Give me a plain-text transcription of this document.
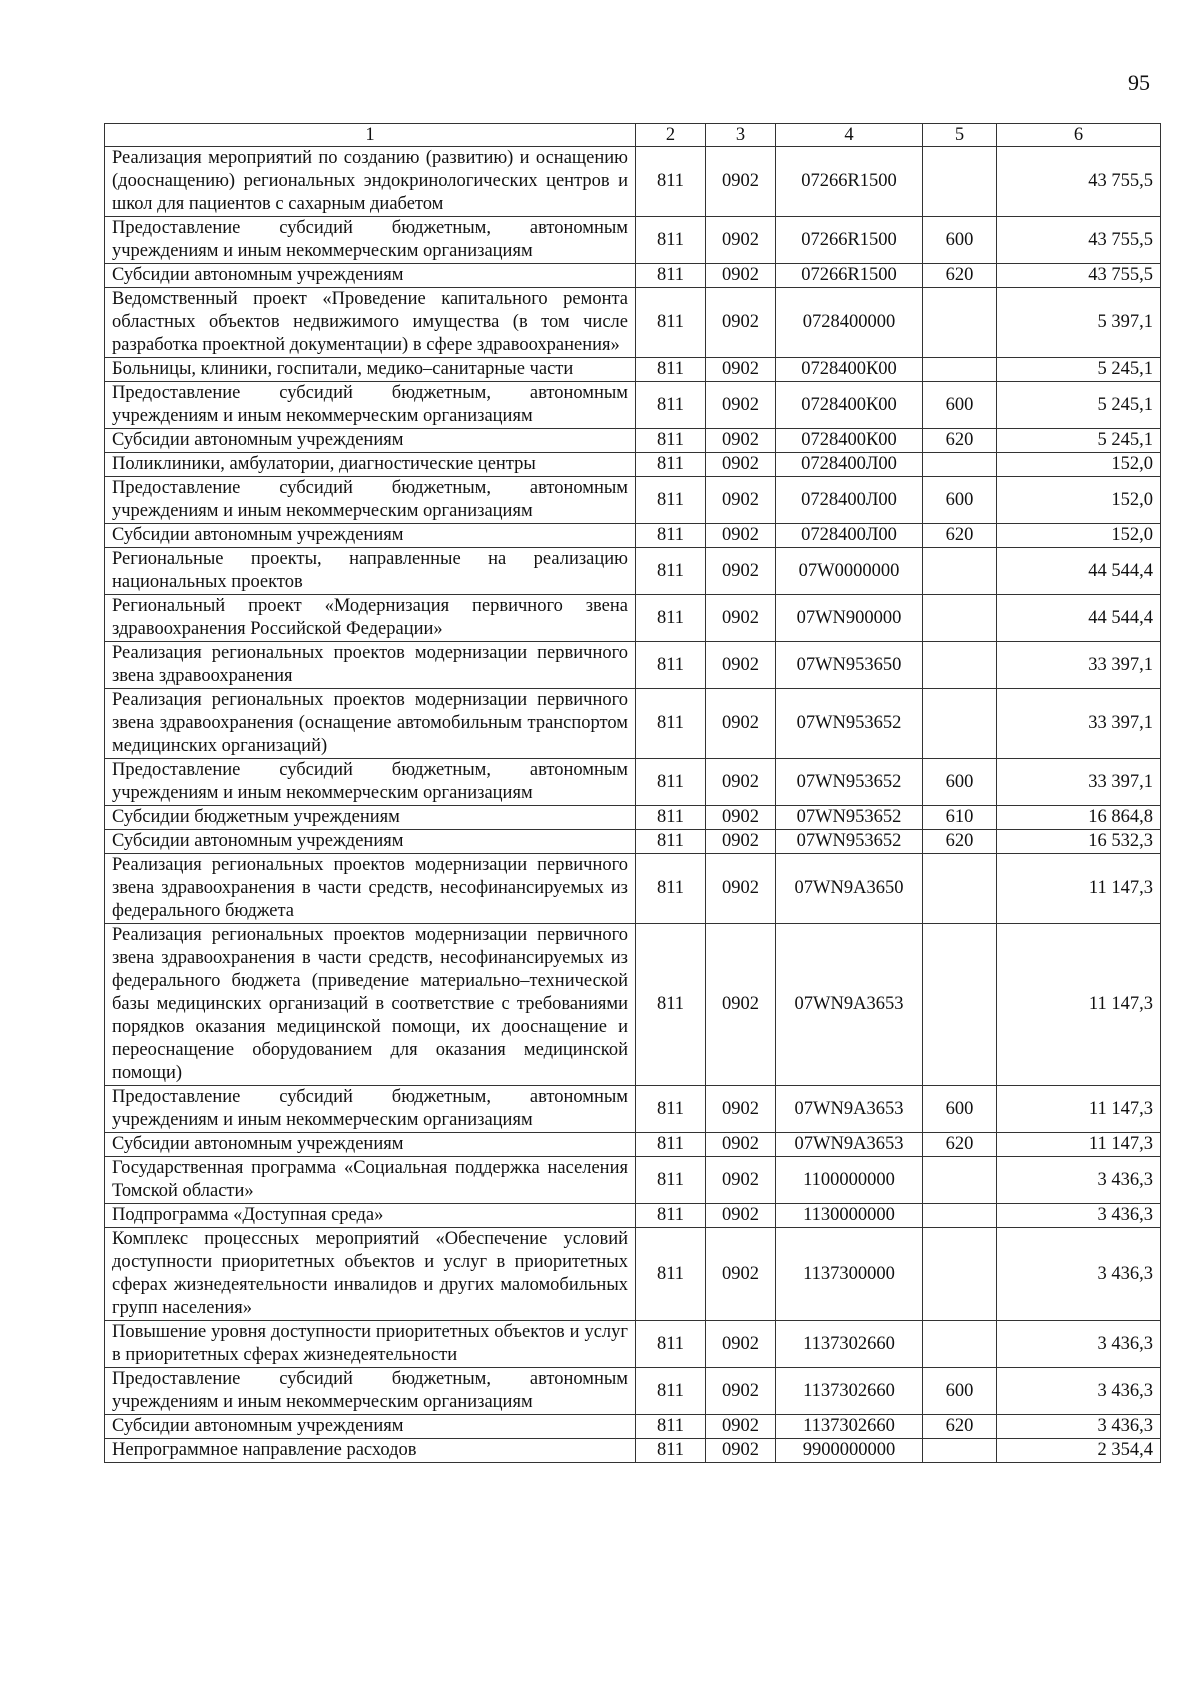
95
1	2	3	4	5	6
Реализация мероприятий по созданию (развитию) и оснащению (дооснащению) региональных эндокринологических центров и школ для пациентов с сахарным диабетом	811	0902	07266R1500		43 755,5
Предоставление субсидий бюджетным, автономным учреждениям и иным некоммерческим организациям	811	0902	07266R1500	600	43 755,5
Субсидии автономным учреждениям	811	0902	07266R1500	620	43 755,5
Ведомственный проект «Проведение капитального ремонта областных объектов недвижимого имущества (в том числе разработка проектной документации) в сфере здравоохранения»	811	0902	0728400000		5 397,1
Больницы, клиники, госпитали, медико–санитарные части	811	0902	0728400К00		5 245,1
Предоставление субсидий бюджетным, автономным учреждениям и иным некоммерческим организациям	811	0902	0728400К00	600	5 245,1
Субсидии автономным учреждениям	811	0902	0728400К00	620	5 245,1
Поликлиники, амбулатории, диагностические центры	811	0902	0728400Л00		152,0
Предоставление субсидий бюджетным, автономным учреждениям и иным некоммерческим организациям	811	0902	0728400Л00	600	152,0
Субсидии автономным учреждениям	811	0902	0728400Л00	620	152,0
Региональные проекты, направленные на реализацию национальных проектов	811	0902	07W0000000		44 544,4
Региональный проект «Модернизация первичного звена здравоохранения Российской Федерации»	811	0902	07WN900000		44 544,4
Реализация региональных проектов модернизации первичного звена здравоохранения	811	0902	07WN953650		33 397,1
Реализация региональных проектов модернизации первичного звена здравоохранения (оснащение автомобильным транспортом медицинских организаций)	811	0902	07WN953652		33 397,1
Предоставление субсидий бюджетным, автономным учреждениям и иным некоммерческим организациям	811	0902	07WN953652	600	33 397,1
Субсидии бюджетным учреждениям	811	0902	07WN953652	610	16 864,8
Субсидии автономным учреждениям	811	0902	07WN953652	620	16 532,3
Реализация региональных проектов модернизации первичного звена здравоохранения в части средств, несофинансируемых из федерального бюджета	811	0902	07WN9A3650		11 147,3
Реализация региональных проектов модернизации первичного звена здравоохранения в части средств, несофинансируемых из федерального бюджета (приведение материально–технической базы медицинских организаций в соответствие с требованиями порядков оказания медицинской помощи, их дооснащение и переоснащение оборудованием для оказания медицинской помощи)	811	0902	07WN9A3653		11 147,3
Предоставление субсидий бюджетным, автономным учреждениям и иным некоммерческим организациям	811	0902	07WN9A3653	600	11 147,3
Субсидии автономным учреждениям	811	0902	07WN9A3653	620	11 147,3
Государственная программа «Социальная поддержка населения Томской области»	811	0902	1100000000		3 436,3
Подпрограмма «Доступная среда»	811	0902	1130000000		3 436,3
Комплекс процессных мероприятий «Обеспечение условий доступности приоритетных объектов и услуг в приоритетных сферах жизнедеятельности инвалидов и других маломобильных групп населения»	811	0902	1137300000		3 436,3
Повышение уровня доступности приоритетных объектов и услуг в приоритетных сферах жизнедеятельности	811	0902	1137302660		3 436,3
Предоставление субсидий бюджетным, автономным учреждениям и иным некоммерческим организациям	811	0902	1137302660	600	3 436,3
Субсидии автономным учреждениям	811	0902	1137302660	620	3 436,3
Непрограммное направление расходов	811	0902	9900000000		2 354,4
